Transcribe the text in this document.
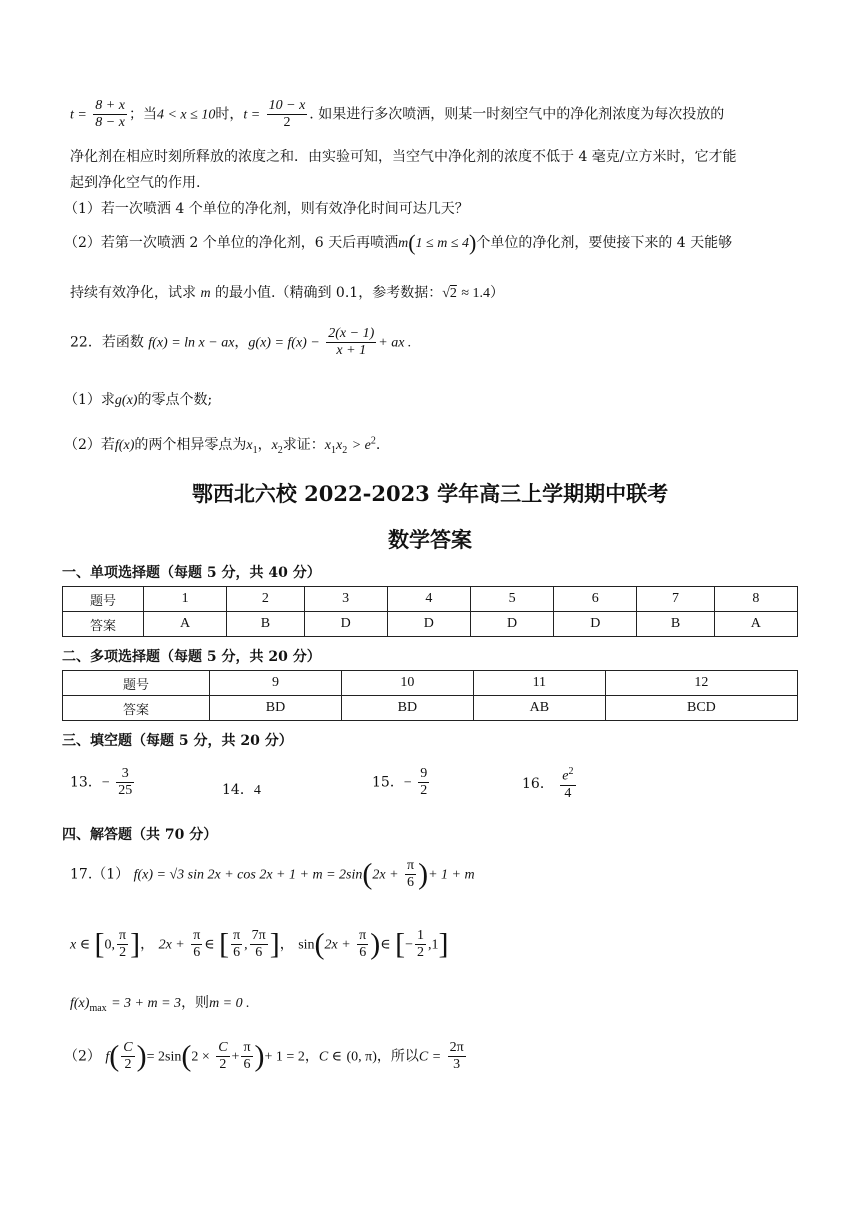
$t = \frac{8 + x}{8 - x}$ ；当4 < x ≤ 10时，$t = \frac{10 - x}{2}$ . 如果进行多次喷洒，则某一时刻空气中的净化剂浓度为每次投放的
净化剂在相应时刻所释放的浓度之和．由实验可知，当空气中净化剂的浓度不低于 4 毫克/立方米时，它才能
起到净化空气的作用.
（1）若一次喷洒 4 个单位的净化剂，则有效净化时间可达几天？
（2）若第一次喷洒 2 个单位的净化剂，6 天后再喷洒m(1 ≤ m ≤ 4)个单位的净化剂，要使接下来的 4 天能够
持续有效净化，试求 m 的最小值.（精确到 0.1，参考数据：√2 ≈ 1.4）
22．若函数 f(x) = ln x − ax，$g(x) = f(x) - \frac{2(x - 1)}{x + 1}$ + ax .
（1）求g(x)的零点个数;
（2）若f(x)的两个相异零点为$x_1$，$x_2$求证：$x_1x_2 > e^2$.
鄂西北六校 2022-2023 学年高三上学期期中联考
数学答案
一、单项选择题（每题 5 分，共 40 分）
题号	1	2	3	4	5	6	7	8
答案	A	B	D	D	D	D	B	A
二、多项选择题（每题 5 分，共 20 分）
题号	9	10	11	12
答案	BD	BD	AB	BCD
三、填空题（每题 5 分，共 20 分）
13．− $\frac{3}{25}$	14．4	15．− $\frac{9}{2}$	16． $\frac{e^2}{4}$
四、解答题（共 70 分）
17.（1） f(x) = √3 $\sin 2x + \cos 2x + 1 + m = 2\sin(2x + \frac{\pi}{6}$ )+ 1 + m
x ∈ [0, $\frac{\pi}{2}$ ]， $2x + \frac{\pi}{6}$ ∈ [ $\frac{\pi}{6}$ , $\frac{7\pi}{6}$ ]， $\sin(2x + \frac{\pi}{6}$ )∈ [− $\frac{1}{2} ,1$]
$f(x)_{max} = 3 + m = 3$，则m = 0 .
（2） $f( \frac{C}{2}$ )= $2\sin(2 \times \frac{C}{2} + \frac{\pi}{6}$ )+ 1 = 2，C ∈ (0, π)，所以$C = \frac{2\pi}{3}$
